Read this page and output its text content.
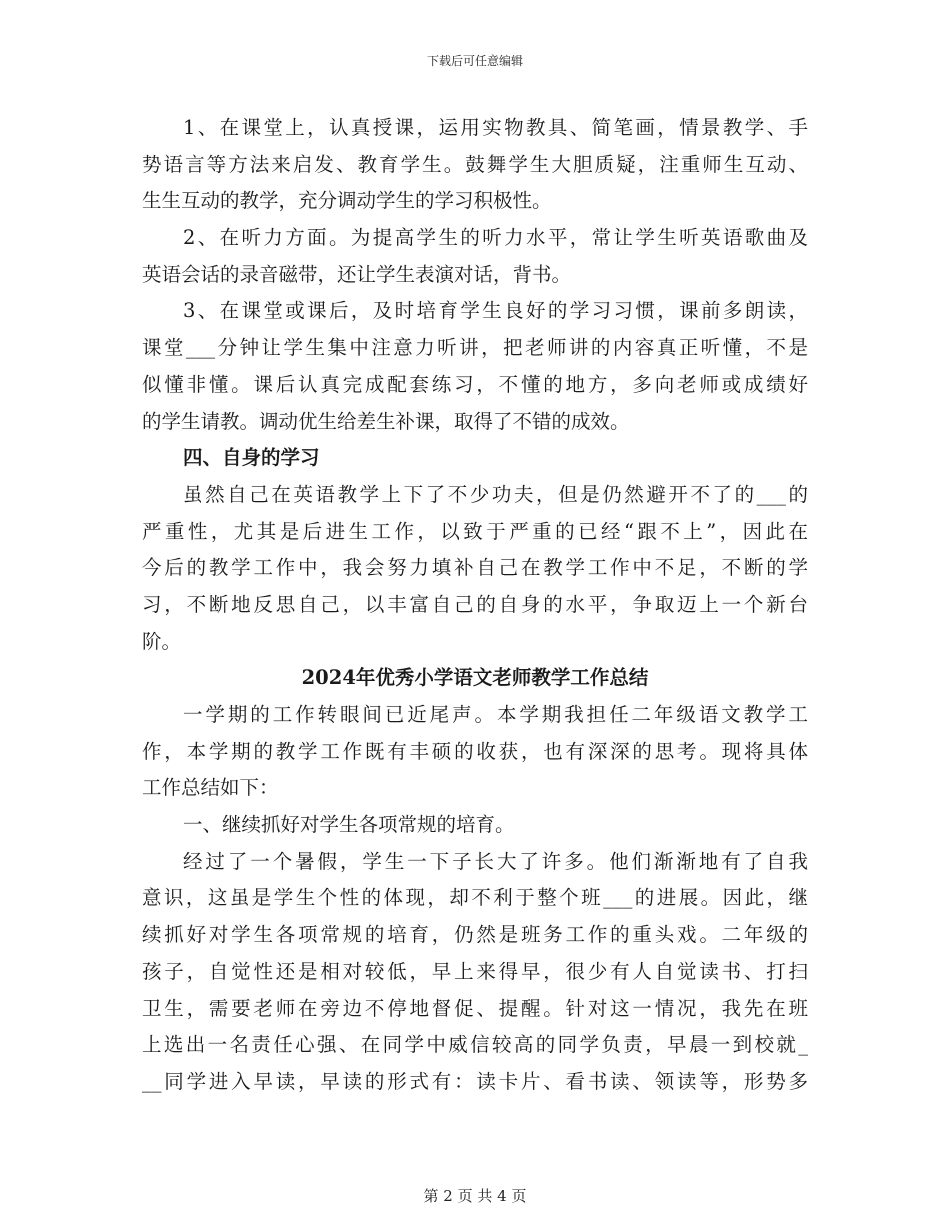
下载后可任意编辑
1、在课堂上，认真授课，运用实物教具、简笔画，情景教学、手
势语言等方法来启发、教育学生。鼓舞学生大胆质疑，注重师生互动、
生生互动的教学，充分调动学生的学习积极性。
2、在听力方面。为提高学生的听力水平，常让学生听英语歌曲及
英语会话的录音磁带，还让学生表演对话，背书。
3、在课堂或课后，及时培育学生良好的学习习惯，课前多朗读，
课堂___分钟让学生集中注意力听讲，把老师讲的内容真正听懂，不是
似懂非懂。课后认真完成配套练习，不懂的地方，多向老师或成绩好
的学生请教。调动优生给差生补课，取得了不错的成效。
四、自身的学习
虽然自己在英语教学上下了不少功夫，但是仍然避开不了的___的
严重性，尤其是后进生工作，以致于严重的已经“跟不上”，因此在
今后的教学工作中，我会努力填补自己在教学工作中不足，不断的学
习，不断地反思自己，以丰富自己的自身的水平，争取迈上一个新台
阶。
2024年优秀小学语文老师教学工作总结
一学期的工作转眼间已近尾声。本学期我担任二年级语文教学工
作，本学期的教学工作既有丰硕的收获，也有深深的思考。现将具体
工作总结如下：
一、继续抓好对学生各项常规的培育。
经过了一个暑假，学生一下子长大了许多。他们渐渐地有了自我
意识，这虽是学生个性的体现，却不利于整个班___的进展。因此，继
续抓好对学生各项常规的培育，仍然是班务工作的重头戏。二年级的
孩子，自觉性还是相对较低，早上来得早，很少有人自觉读书、打扫
卫生，需要老师在旁边不停地督促、提醒。针对这一情况，我先在班
上选出一名责任心强、在同学中威信较高的同学负责，早晨一到校就_
__同学进入早读，早读的形式有：读卡片、看书读、领读等，形势多
第 2 页 共 4 页
